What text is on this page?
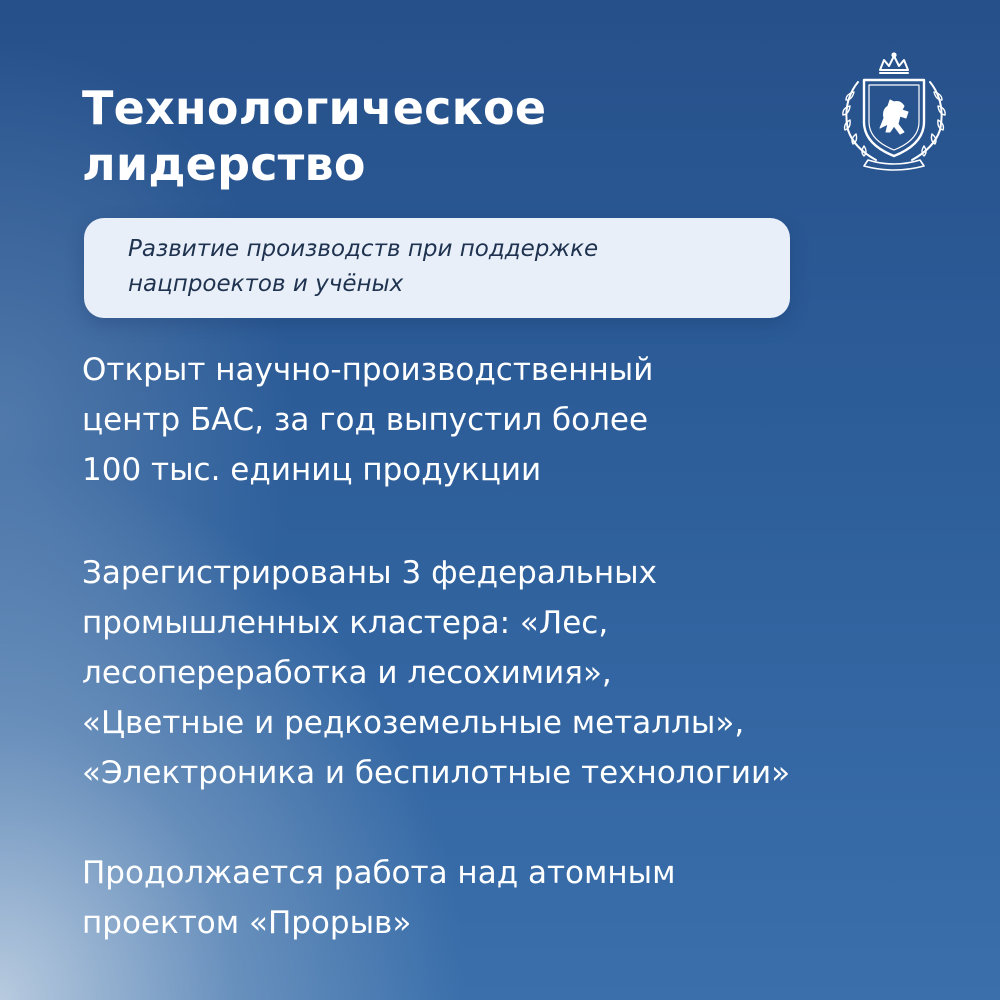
Технологическое
лидерство
Развитие производств при поддержке
нацпроектов и учёных
Открыт научно-производственный
центр БАС, за год выпустил более
100 тыс. единиц продукции
Зарегистрированы 3 федеральных
промышленных кластера: «Лес,
лесопереработка и лесохимия»,
«Цветные и редкоземельные металлы»,
«Электроника и беспилотные технологии»
Продолжается работа над атомным
проектом «Прорыв»
